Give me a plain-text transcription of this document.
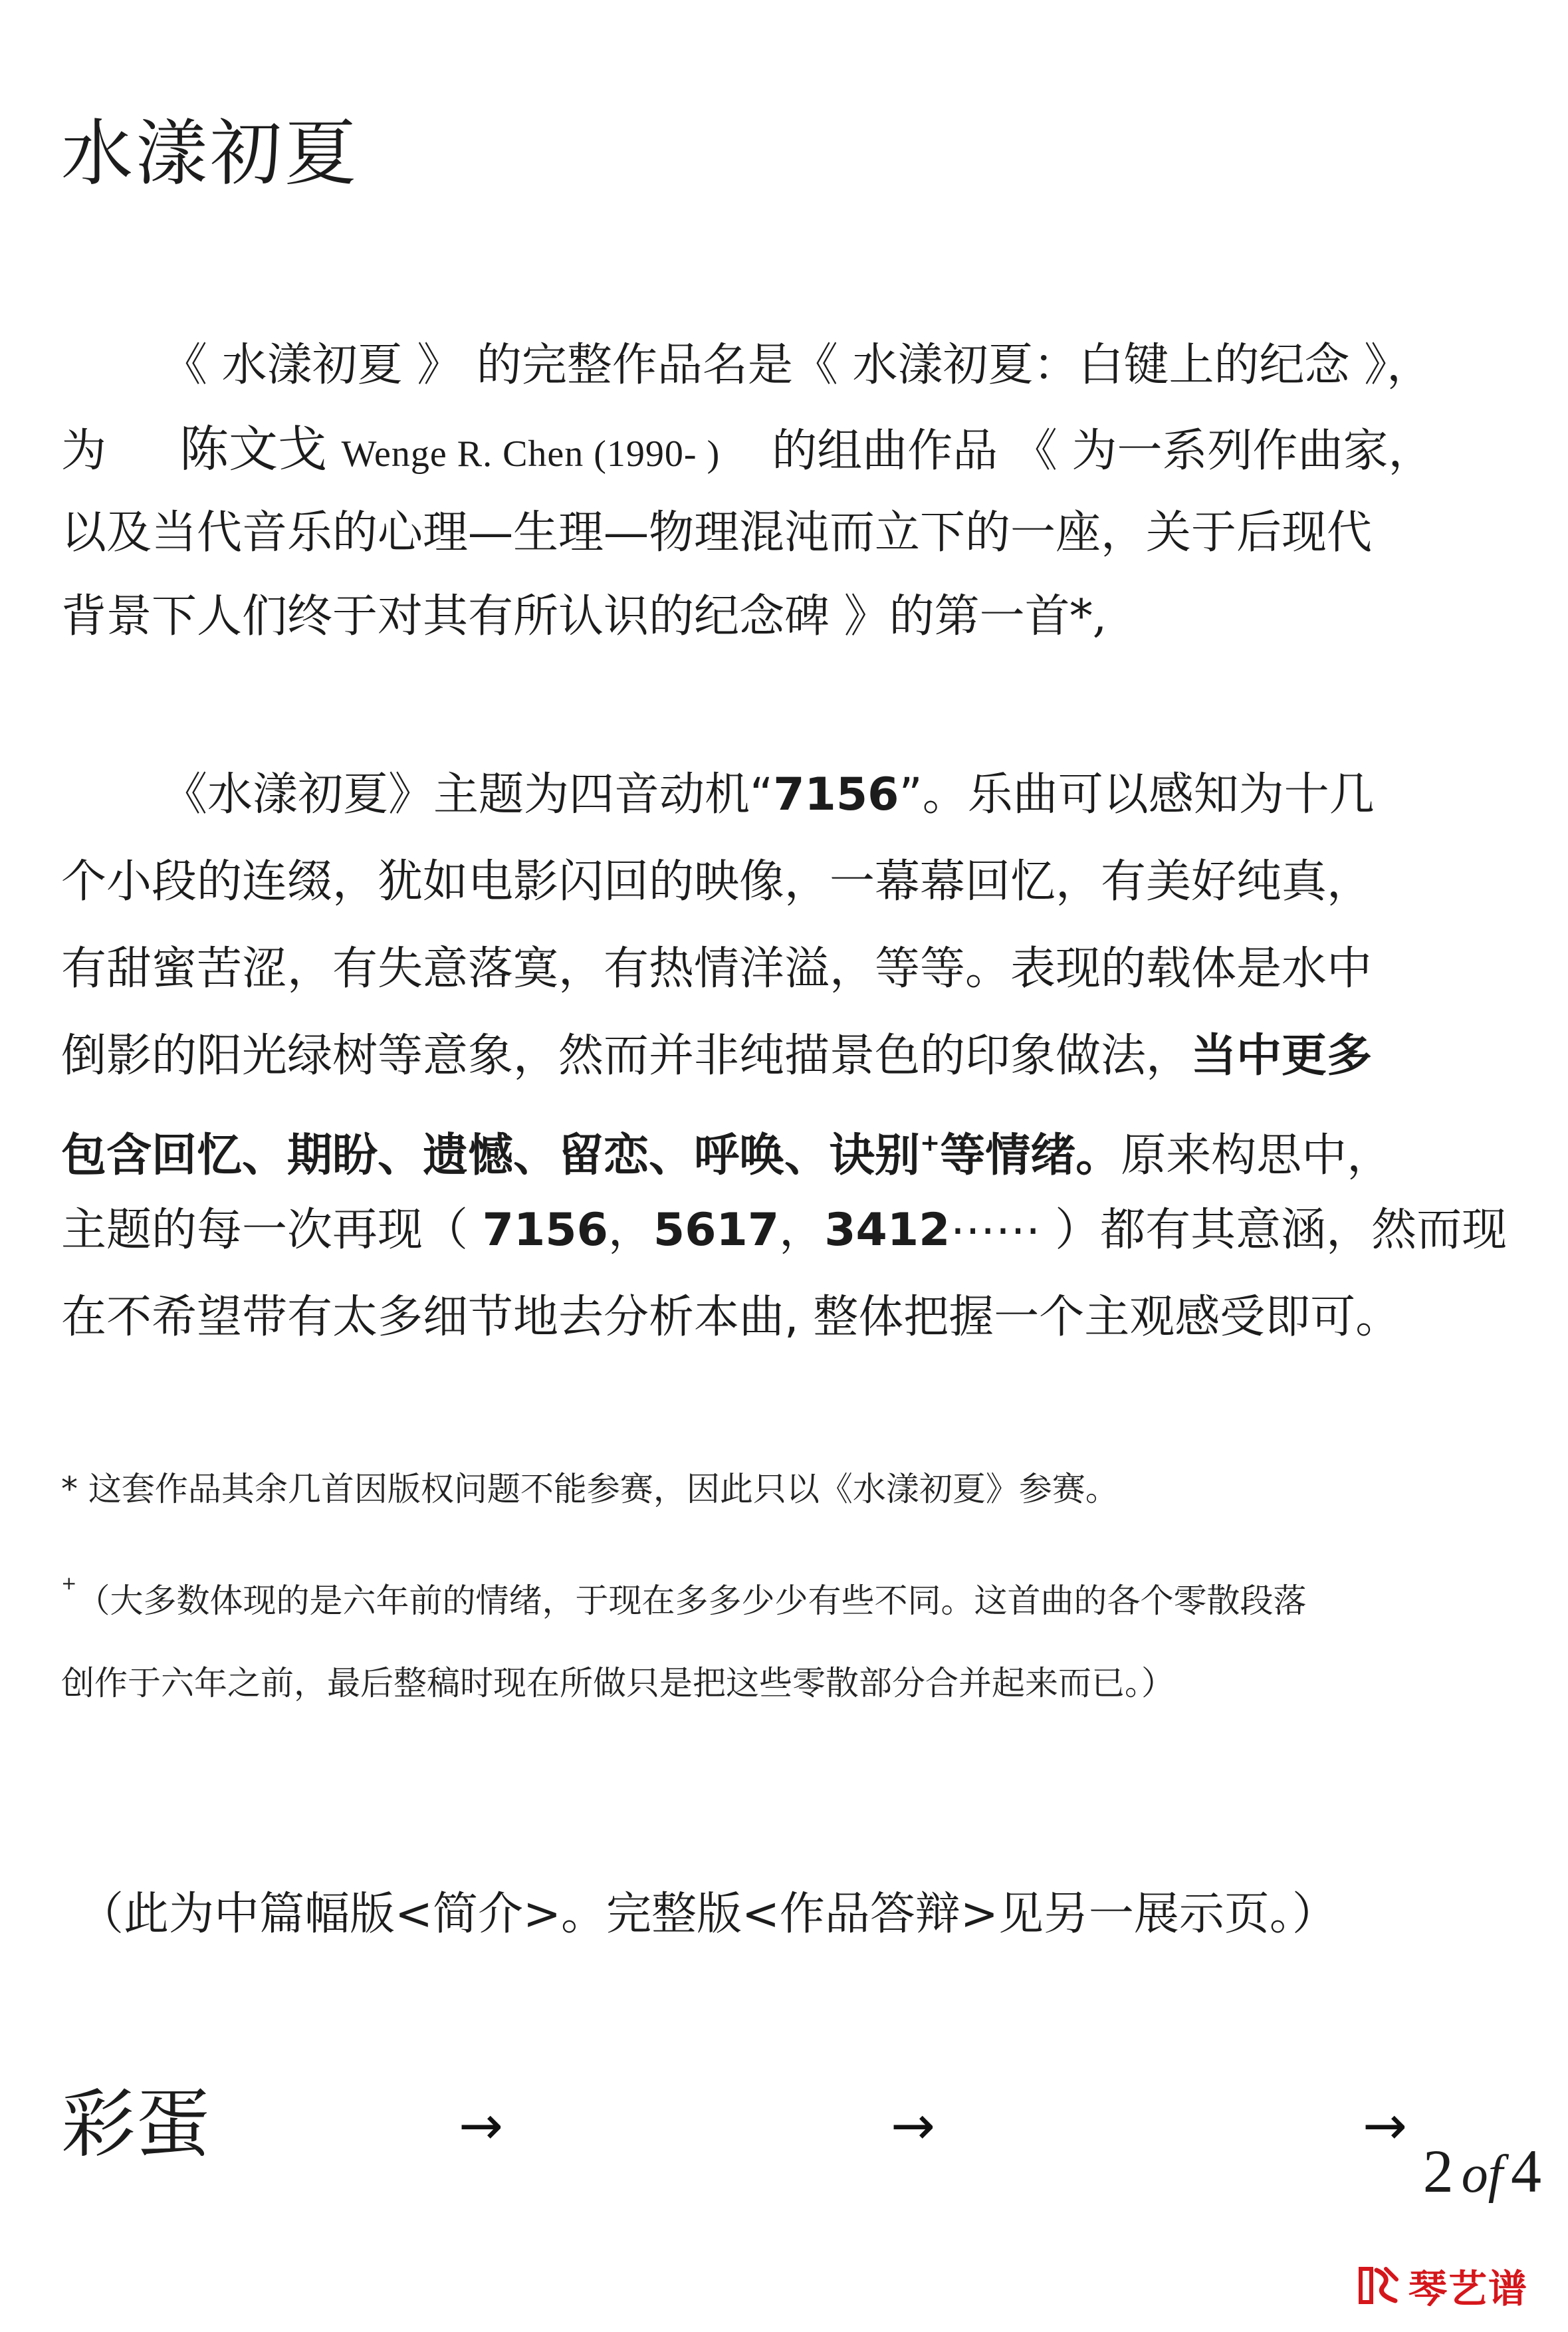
水漾初夏
《 水漾初夏 》 的完整作品名是《 水漾初夏：白键上的纪念 》，
为 陈文戈 Wenge R. Chen (1990- ) 的组曲作品 《 为一系列作曲家，
以及当代音乐的心理—生理—物理混沌而立下的一座，关于后现代
背景下人们终于对其有所认识的纪念碑 》的第一首*,
《水漾初夏》主题为四音动机“7156”。乐曲可以感知为十几
个小段的连缀，犹如电影闪回的映像，一幕幕回忆，有美好纯真，
有甜蜜苦涩，有失意落寞，有热情洋溢，等等。表现的载体是水中
倒影的阳光绿树等意象，然而并非纯描景色的印象做法，当中更多
包含回忆、期盼、遗憾、留恋、呼唤、诀别+等情绪。原来构思中，
主题的每一次再现（ 7156，5617，3412⋯⋯ ）都有其意涵，然而现
在不希望带有太多细节地去分析本曲, 整体把握一个主观感受即可。
* 这套作品其余几首因版权问题不能参赛，因此只以《水漾初夏》参赛。
+（大多数体现的是六年前的情绪，于现在多多少少有些不同。这首曲的各个零散段落
创作于六年之前，最后整稿时现在所做只是把这些零散部分合并起来而已。）
（此为中篇幅版<简介>。完整版<作品答辩>见另一展示页。）
彩蛋	→	→	→
2 of 4
琴艺谱
